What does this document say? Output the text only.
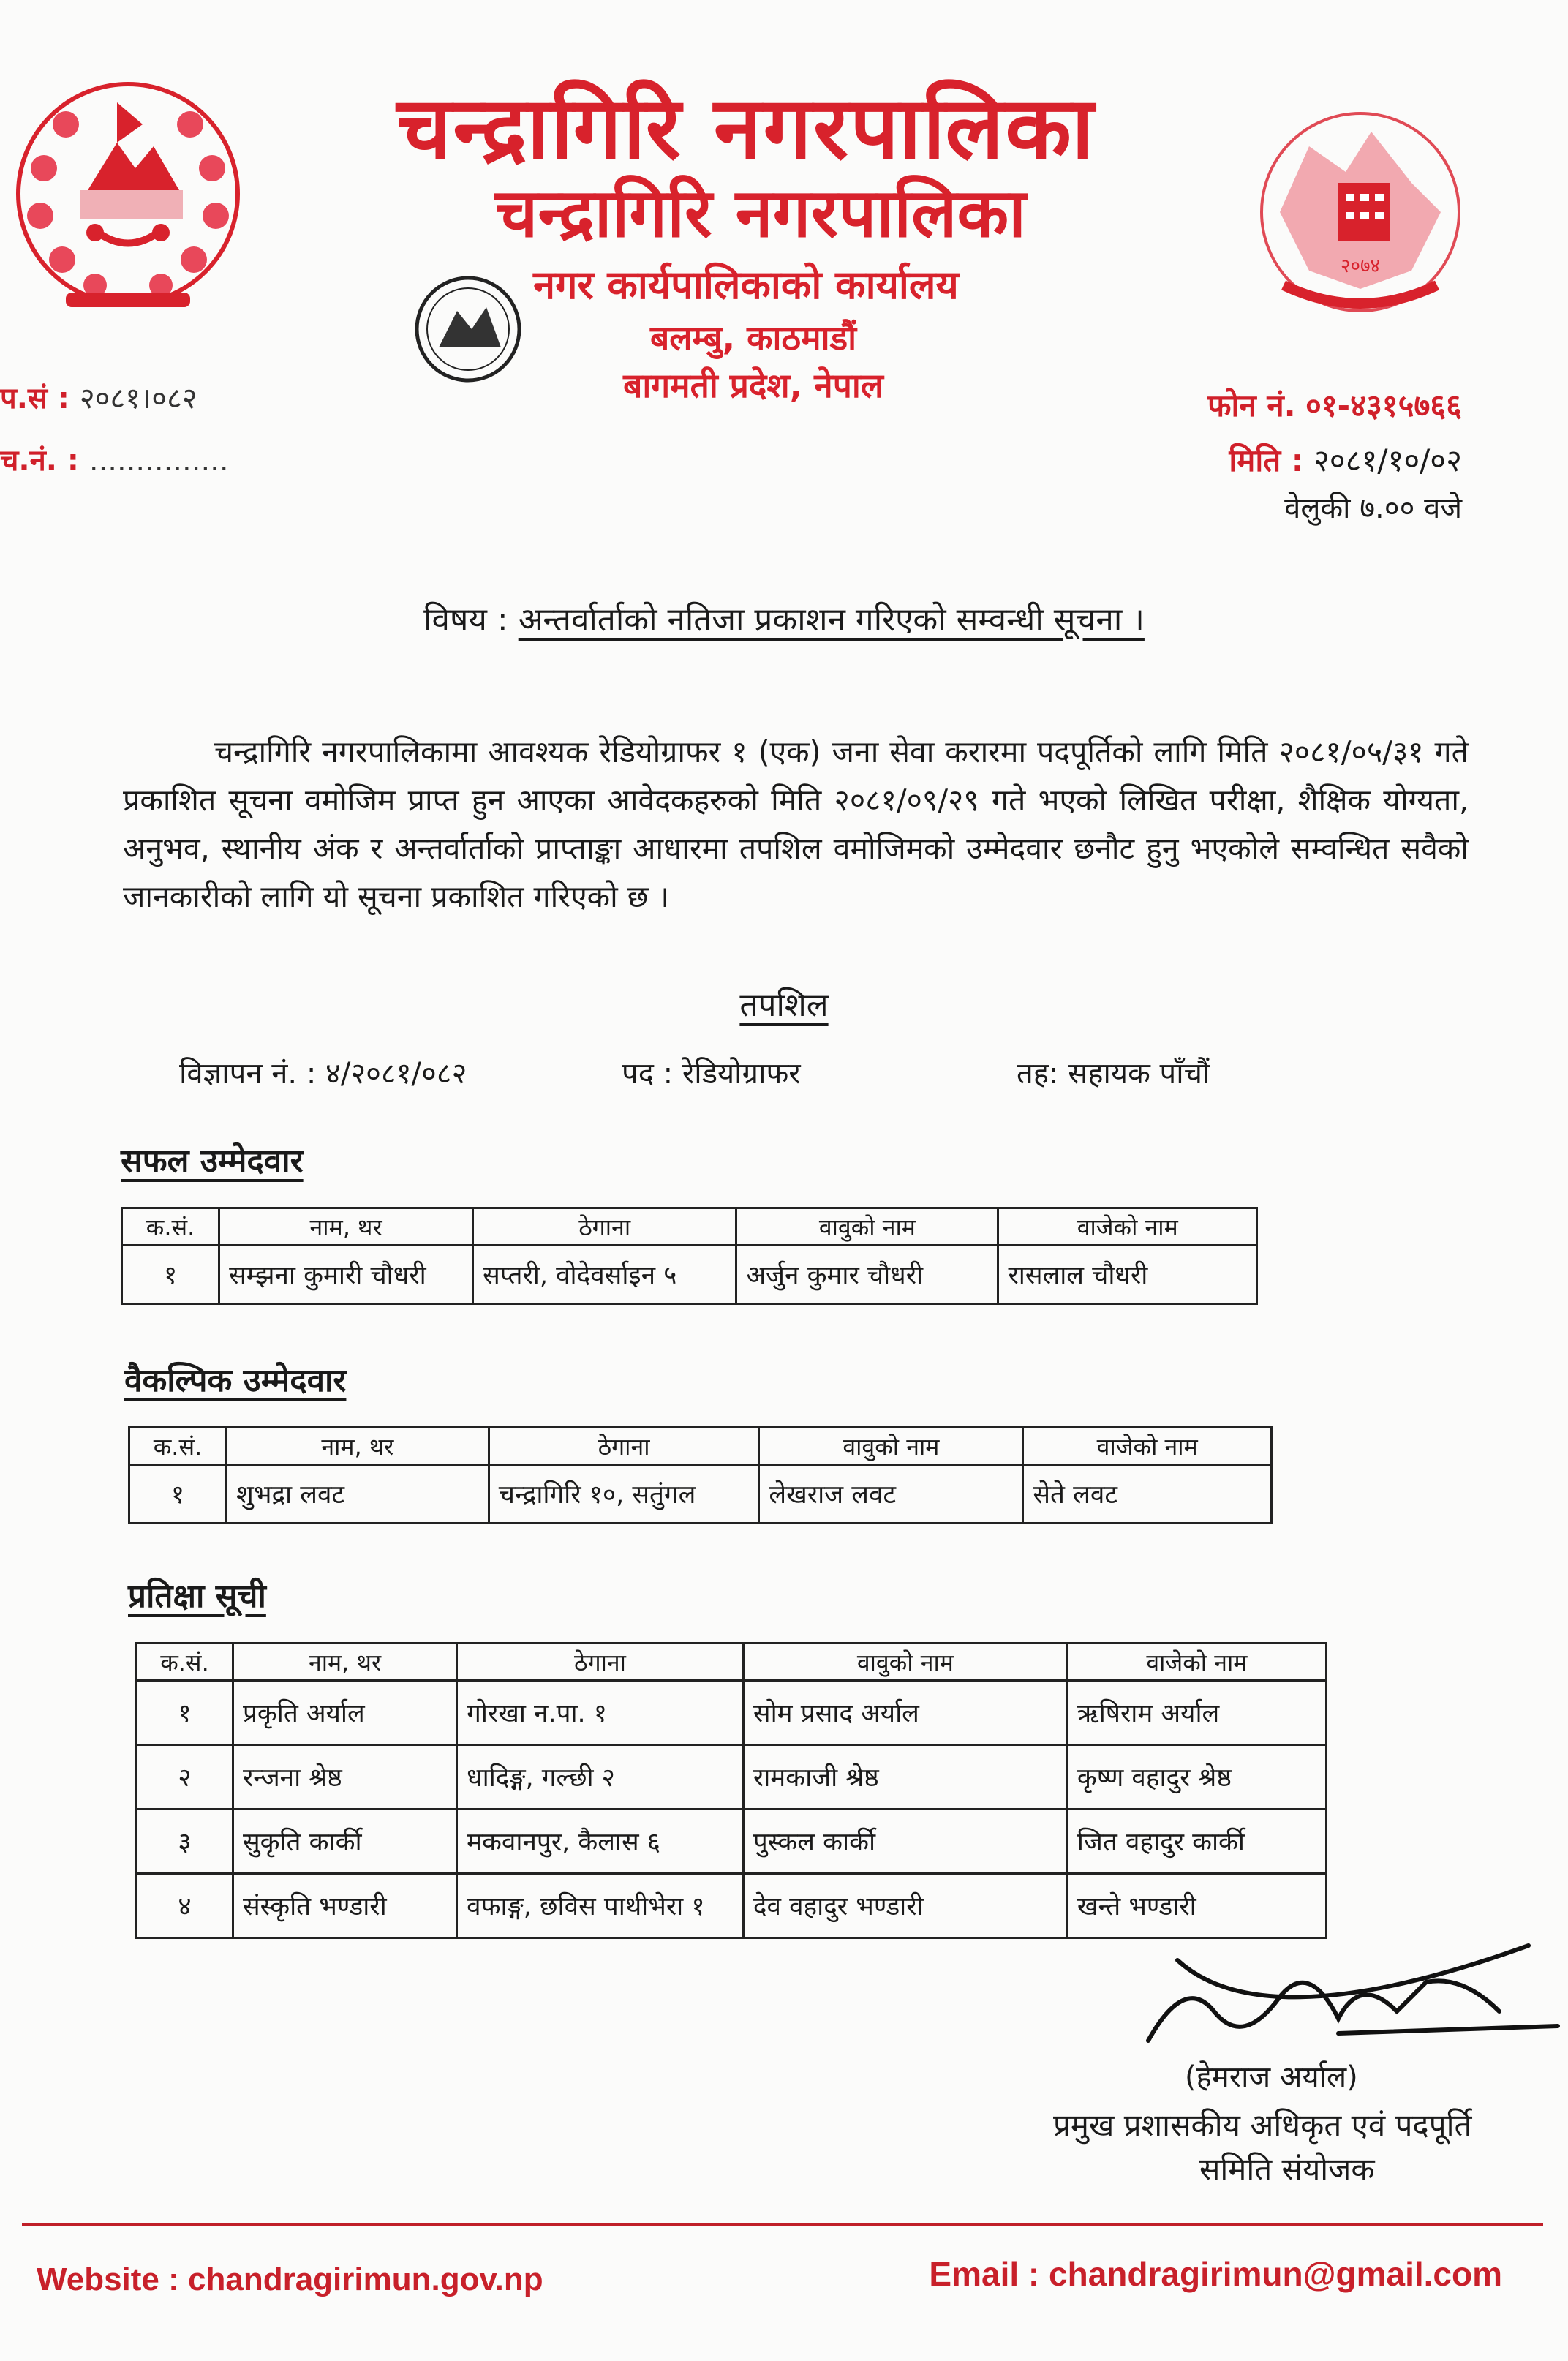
२०७४
चन्द्रागिरि नगरपालिका
चन्द्रागिरि नगरपालिका
नगर कार्यपालिकाको कार्यालय
बलम्बु, काठमाडौं
बागमती प्रदेश, नेपाल
प.सं : २०८१।०८२
च.नं. : ...............
फोन नं. ०१-४३१५७६६
मिति : २०८१/१०/०२
वेलुकी ७.०० वजे
विषय : अन्तर्वार्ताको नतिजा प्रकाशन गरिएको सम्वन्धी सूचना ।
चन्द्रागिरि नगरपालिकामा आवश्यक रेडियोग्राफर १ (एक) जना सेवा करारमा पदपूर्तिको लागि मिति २०८१/०५/३१ गते प्रकाशित सूचना वमोजिम प्राप्त हुन आएका आवेदकहरुको मिति २०८१/०९/२९ गते भएको लिखित परीक्षा, शैक्षिक योग्यता, अनुभव, स्थानीय अंक र अन्तर्वार्ताको प्राप्ताङ्का आधारमा तपशिल वमोजिमको उम्मेदवार छनौट हुनु भएकोले सम्वन्धित सवैको जानकारीको लागि यो सूचना प्रकाशित गरिएको छ ।
तपशिल
विज्ञापन नं. : ४/२०८१/०८२	पद : रेडियोग्राफर	तह: सहायक पाँचौं
सफल उम्मेदवार
क.सं.	नाम, थर	ठेगाना	वावुको नाम	वाजेको नाम
१	सम्झना कुमारी चौधरी	सप्तरी, वोदेवर्साइन ५	अर्जुन कुमार चौधरी	रासलाल चौधरी
वैकल्पिक उम्मेदवार
क.सं.	नाम, थर	ठेगाना	वावुको नाम	वाजेको नाम
१	शुभद्रा लवट	चन्द्रागिरि १०, सतुंगल	लेखराज लवट	सेते लवट
प्रतिक्षा सूची
क.सं.	नाम, थर	ठेगाना	वावुको नाम	वाजेको नाम
१	प्रकृति अर्याल	गोरखा न.पा. १	सोम प्रसाद अर्याल	ऋषिराम अर्याल
२	रन्जना श्रेष्ठ	धादिङ्ग, गल्छी २	रामकाजी श्रेष्ठ	कृष्ण वहादुर श्रेष्ठ
३	सुकृति कार्की	मकवानपुर, कैलास ६	पुस्कल कार्की	जित वहादुर कार्की
४	संस्कृति भण्डारी	वफाङ्ग, छविस पाथीभेरा १	देव वहादुर भण्डारी	खन्ते भण्डारी
(हेमराज अर्याल)
प्रमुख प्रशासकीय अधिकृत एवं पदपूर्ति
समिति संयोजक
Website : chandragirimun.gov.np	Email : chandragirimun@gmail.com
